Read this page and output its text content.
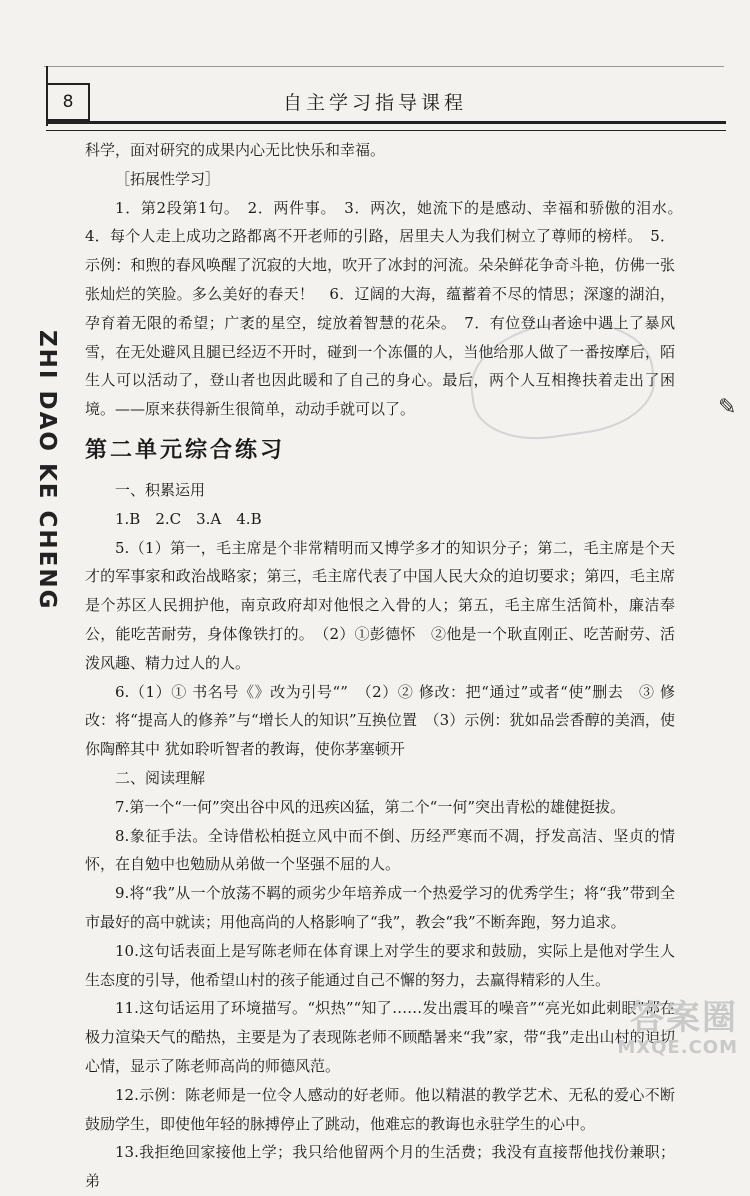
8	自主学习指导课程
ZHI DAO KE CHENG	✎

科学，面对研究的成果内心无比快乐和幸福。

［拓展性学习］

1．第2段第1句。　2．两件事。　3．两次，她流下的是感动、幸福和骄傲的泪水。　4．每个人走上成功之路都离不开老师的引路，居里夫人为我们树立了尊师的榜样。　5．示例：和煦的春风唤醒了沉寂的大地，吹开了冰封的河流。朵朵鲜花争奇斗艳，仿佛一张张灿烂的笑脸。多么美好的春天！　6．辽阔的大海，蕴蓄着不尽的情思；深邃的湖泊，孕育着无限的希望；广袤的星空，绽放着智慧的花朵。　7．有位登山者途中遇上了暴风雪，在无处避风且腿已经迈不开时，碰到一个冻僵的人，当他给那人做了一番按摩后，陌生人可以活动了，登山者也因此暖和了自己的身心。最后，两个人互相搀扶着走出了困境。——原来获得新生很简单，动动手就可以了。

第二单元综合练习

一、积累运用

1.B　2.C　3.A　4.B

5.（1）第一，毛主席是个非常精明而又博学多才的知识分子；第二，毛主席是个天才的军事家和政治战略家；第三，毛主席代表了中国人民大众的迫切要求；第四，毛主席是个苏区人民拥护他，南京政府却对他恨之入骨的人；第五，毛主席生活简朴，廉洁奉公，能吃苦耐劳，身体像铁打的。　（2）①彭德怀　②他是一个耿直刚正、吃苦耐劳、活泼风趣、精力过人的人。

6.（1）① 书名号《》改为引号“”　（2）② 修改：把“通过”或者“使”删去　③ 修改：将“提高人的修养”与“增长人的知识”互换位置　（3）示例：犹如品尝香醇的美酒，使你陶醉其中 犹如聆听智者的教诲，使你茅塞顿开

二、阅读理解

7.第一个“一何”突出谷中风的迅疾凶猛，第二个“一何”突出青松的雄健挺拔。

8.象征手法。全诗借松柏挺立风中而不倒、历经严寒而不凋，抒发高洁、坚贞的情怀，在自勉中也勉励从弟做一个坚强不屈的人。

9.将“我”从一个放荡不羁的顽劣少年培养成一个热爱学习的优秀学生；将“我”带到全市最好的高中就读；用他高尚的人格影响了“我”，教会“我”不断奔跑，努力追求。

10.这句话表面上是写陈老师在体育课上对学生的要求和鼓励，实际上是他对学生人生态度的引导，他希望山村的孩子能通过自己不懈的努力，去赢得精彩的人生。

11.这句话运用了环境描写。“炽热”“知了……发出震耳的噪音”“亮光如此刺眼”都在极力渲染天气的酷热，主要是为了表现陈老师不顾酷暑来“我”家，带“我”走出山村的迫切心情，显示了陈老师高尚的师德风范。

12.示例：陈老师是一位令人感动的好老师。他以精湛的教学艺术、无私的爱心不断鼓励学生，即使他年轻的脉搏停止了跳动，他难忘的教诲也永驻学生的心中。

13.我拒绝回家接他上学；我只给他留两个月的生活费；我没有直接帮他找份兼职；弟

答案圈
MXQE.COM
